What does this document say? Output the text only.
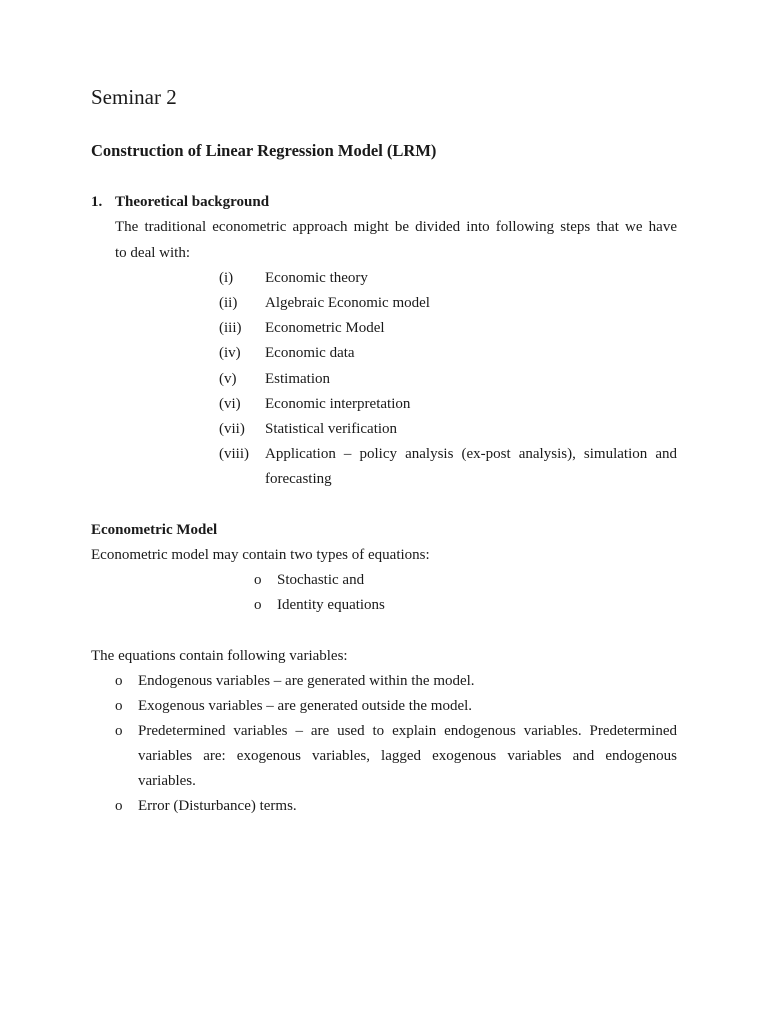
Seminar 2
Construction of Linear Regression Model (LRM)
1. Theoretical background
The traditional econometric approach might be divided into following steps that we have
to deal with:
(i) Economic theory
(ii) Algebraic Economic model
(iii) Econometric Model
(iv) Economic data
(v) Estimation
(vi) Economic interpretation
(vii) Statistical verification
(viii) Application – policy analysis (ex-post analysis), simulation and
forecasting
Econometric Model
Econometric model may contain two types of equations:
o Stochastic and
o Identity equations
The equations contain following variables:
o Endogenous variables – are generated within the model.
o Exogenous variables – are generated outside the model.
o Predetermined variables – are used to explain endogenous variables. Predetermined
variables are: exogenous variables, lagged exogenous variables and endogenous
variables.
o Error (Disturbance) terms.
